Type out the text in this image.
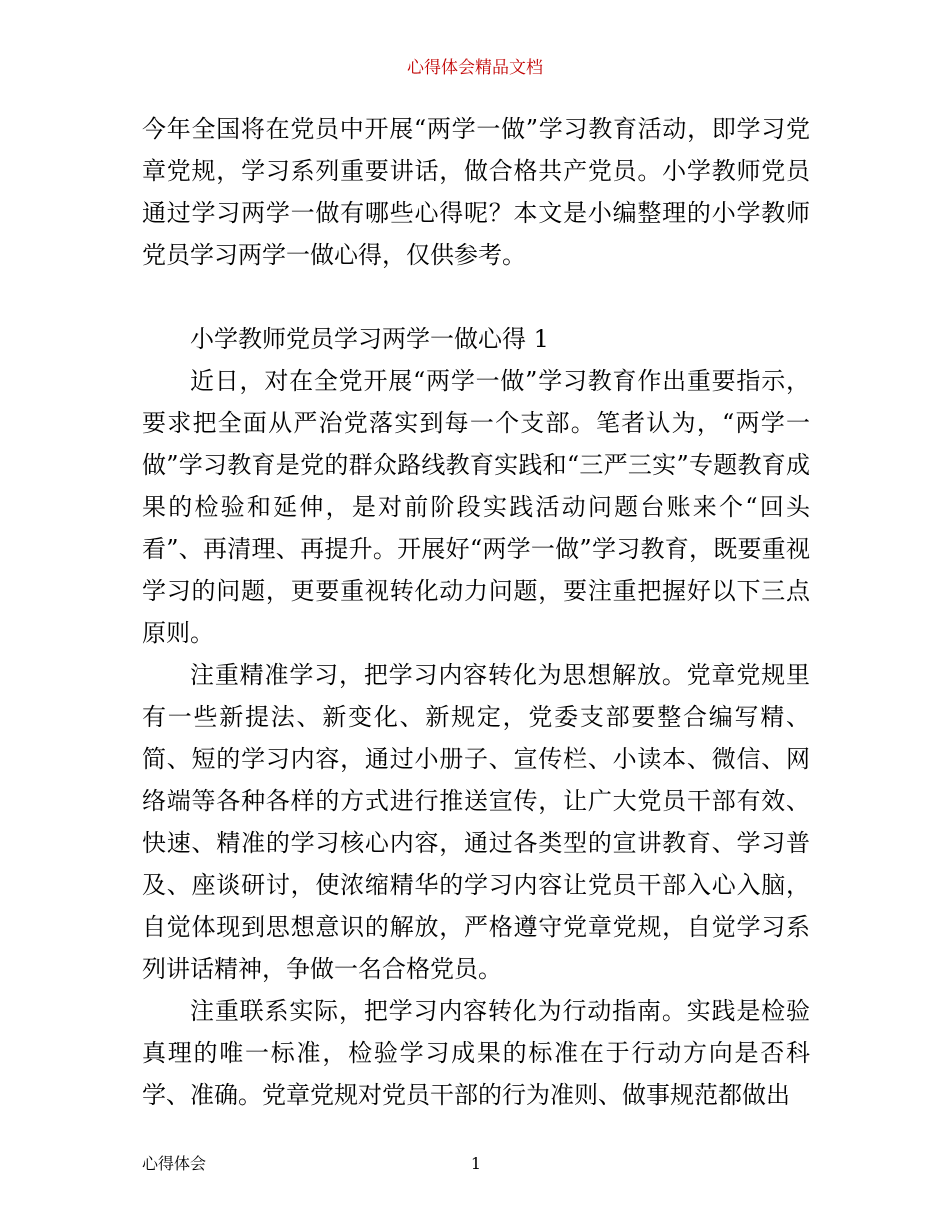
心得体会精品文档

今年全国将在党员中开展“两学一做”学习教育活动，即学习党章党规，学习系列重要讲话，做合格共产党员。小学教师党员通过学习两学一做有哪些心得呢？本文是小编整理的小学教师党员学习两学一做心得，仅供参考。

小学教师党员学习两学一做心得 1

近日，对在全党开展“两学一做”学习教育作出重要指示，要求把全面从严治党落实到每一个支部。笔者认为，“两学一做”学习教育是党的群众路线教育实践和“三严三实”专题教育成果的检验和延伸，是对前阶段实践活动问题台账来个“回头看”、再清理、再提升。开展好“两学一做”学习教育，既要重视学习的问题，更要重视转化动力问题，要注重把握好以下三点原则。

注重精准学习，把学习内容转化为思想解放。党章党规里有一些新提法、新变化、新规定，党委支部要整合编写精、简、短的学习内容，通过小册子、宣传栏、小读本、微信、网络端等各种各样的方式进行推送宣传，让广大党员干部有效、快速、精准的学习核心内容，通过各类型的宣讲教育、学习普及、座谈研讨，使浓缩精华的学习内容让党员干部入心入脑，自觉体现到思想意识的解放，严格遵守党章党规，自觉学习系列讲话精神，争做一名合格党员。

注重联系实际，把学习内容转化为行动指南。实践是检验真理的唯一标准，检验学习成果的标准在于行动方向是否科学、准确。党章党规对党员干部的行为准则、做事规范都做出

心得体会	1
